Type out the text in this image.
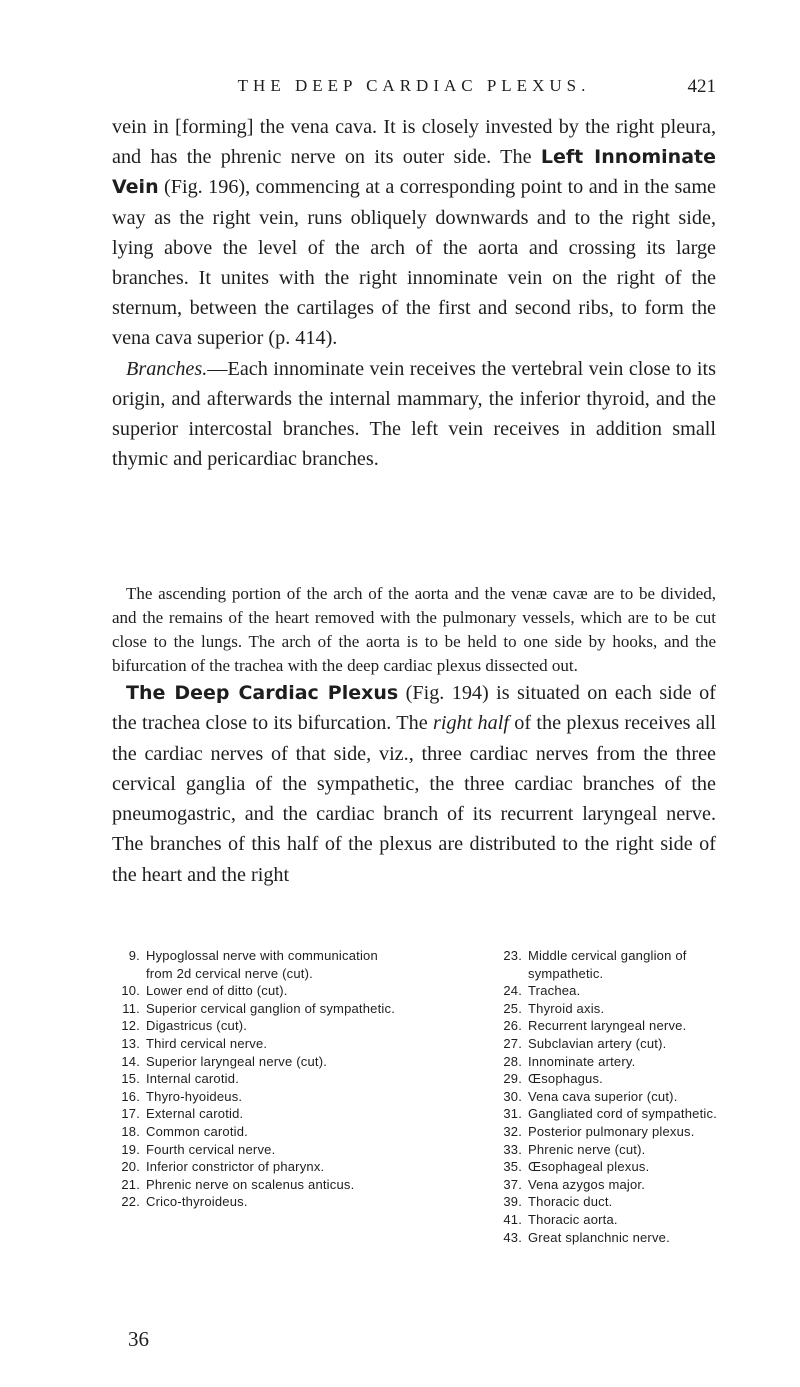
THE DEEP CARDIAC PLEXUS.	421

vein in [forming] the vena cava. It is closely invested by the right pleura, and has the phrenic nerve on its outer side. The Left Innominate Vein (Fig. 196), commencing at a corresponding point to and in the same way as the right vein, runs obliquely downwards and to the right side, lying above the level of the arch of the aorta and crossing its large branches. It unites with the right innominate vein on the right of the sternum, between the cartilages of the first and second ribs, to form the vena cava superior (p. 414).

Branches.—Each innominate vein receives the vertebral vein close to its origin, and afterwards the internal mammary, the inferior thyroid, and the superior intercostal branches. The left vein receives in addition small thymic and pericardiac branches.

The ascending portion of the arch of the aorta and the venæ cavæ are to be divided, and the remains of the heart removed with the pulmonary vessels, which are to be cut close to the lungs. The arch of the aorta is to be held to one side by hooks, and the bifurcation of the trachea with the deep cardiac plexus dissected out.

The Deep Cardiac Plexus (Fig. 194) is situated on each side of the trachea close to its bifurcation. The right half of the plexus receives all the cardiac nerves of that side, viz., three cardiac nerves from the three cervical ganglia of the sympathetic, the three cardiac branches of the pneumogastric, and the cardiac branch of its recurrent laryngeal nerve. The branches of this half of the plexus are distributed to the right side of the heart and the right

9. Hypoglossal nerve with communication from 2d cervical nerve (cut).
10. Lower end of ditto (cut).
11. Superior cervical ganglion of sympathetic.
12. Digastricus (cut).
13. Third cervical nerve.
14. Superior laryngeal nerve (cut).
15. Internal carotid.
16. Thyro-hyoideus.
17. External carotid.
18. Common carotid.
19. Fourth cervical nerve.
20. Inferior constrictor of pharynx.
21. Phrenic nerve on scalenus anticus.
22. Crico-thyroideus.
23. Middle cervical ganglion of sympathetic.
24. Trachea.
25. Thyroid axis.
26. Recurrent laryngeal nerve.
27. Subclavian artery (cut).
28. Innominate artery.
29. Œsophagus.
30. Vena cava superior (cut).
31. Gangliated cord of sympathetic.
32. Posterior pulmonary plexus.
33. Phrenic nerve (cut).
35. Œsophageal plexus.
37. Vena azygos major.
39. Thoracic duct.
41. Thoracic aorta.
43. Great splanchnic nerve.
36
